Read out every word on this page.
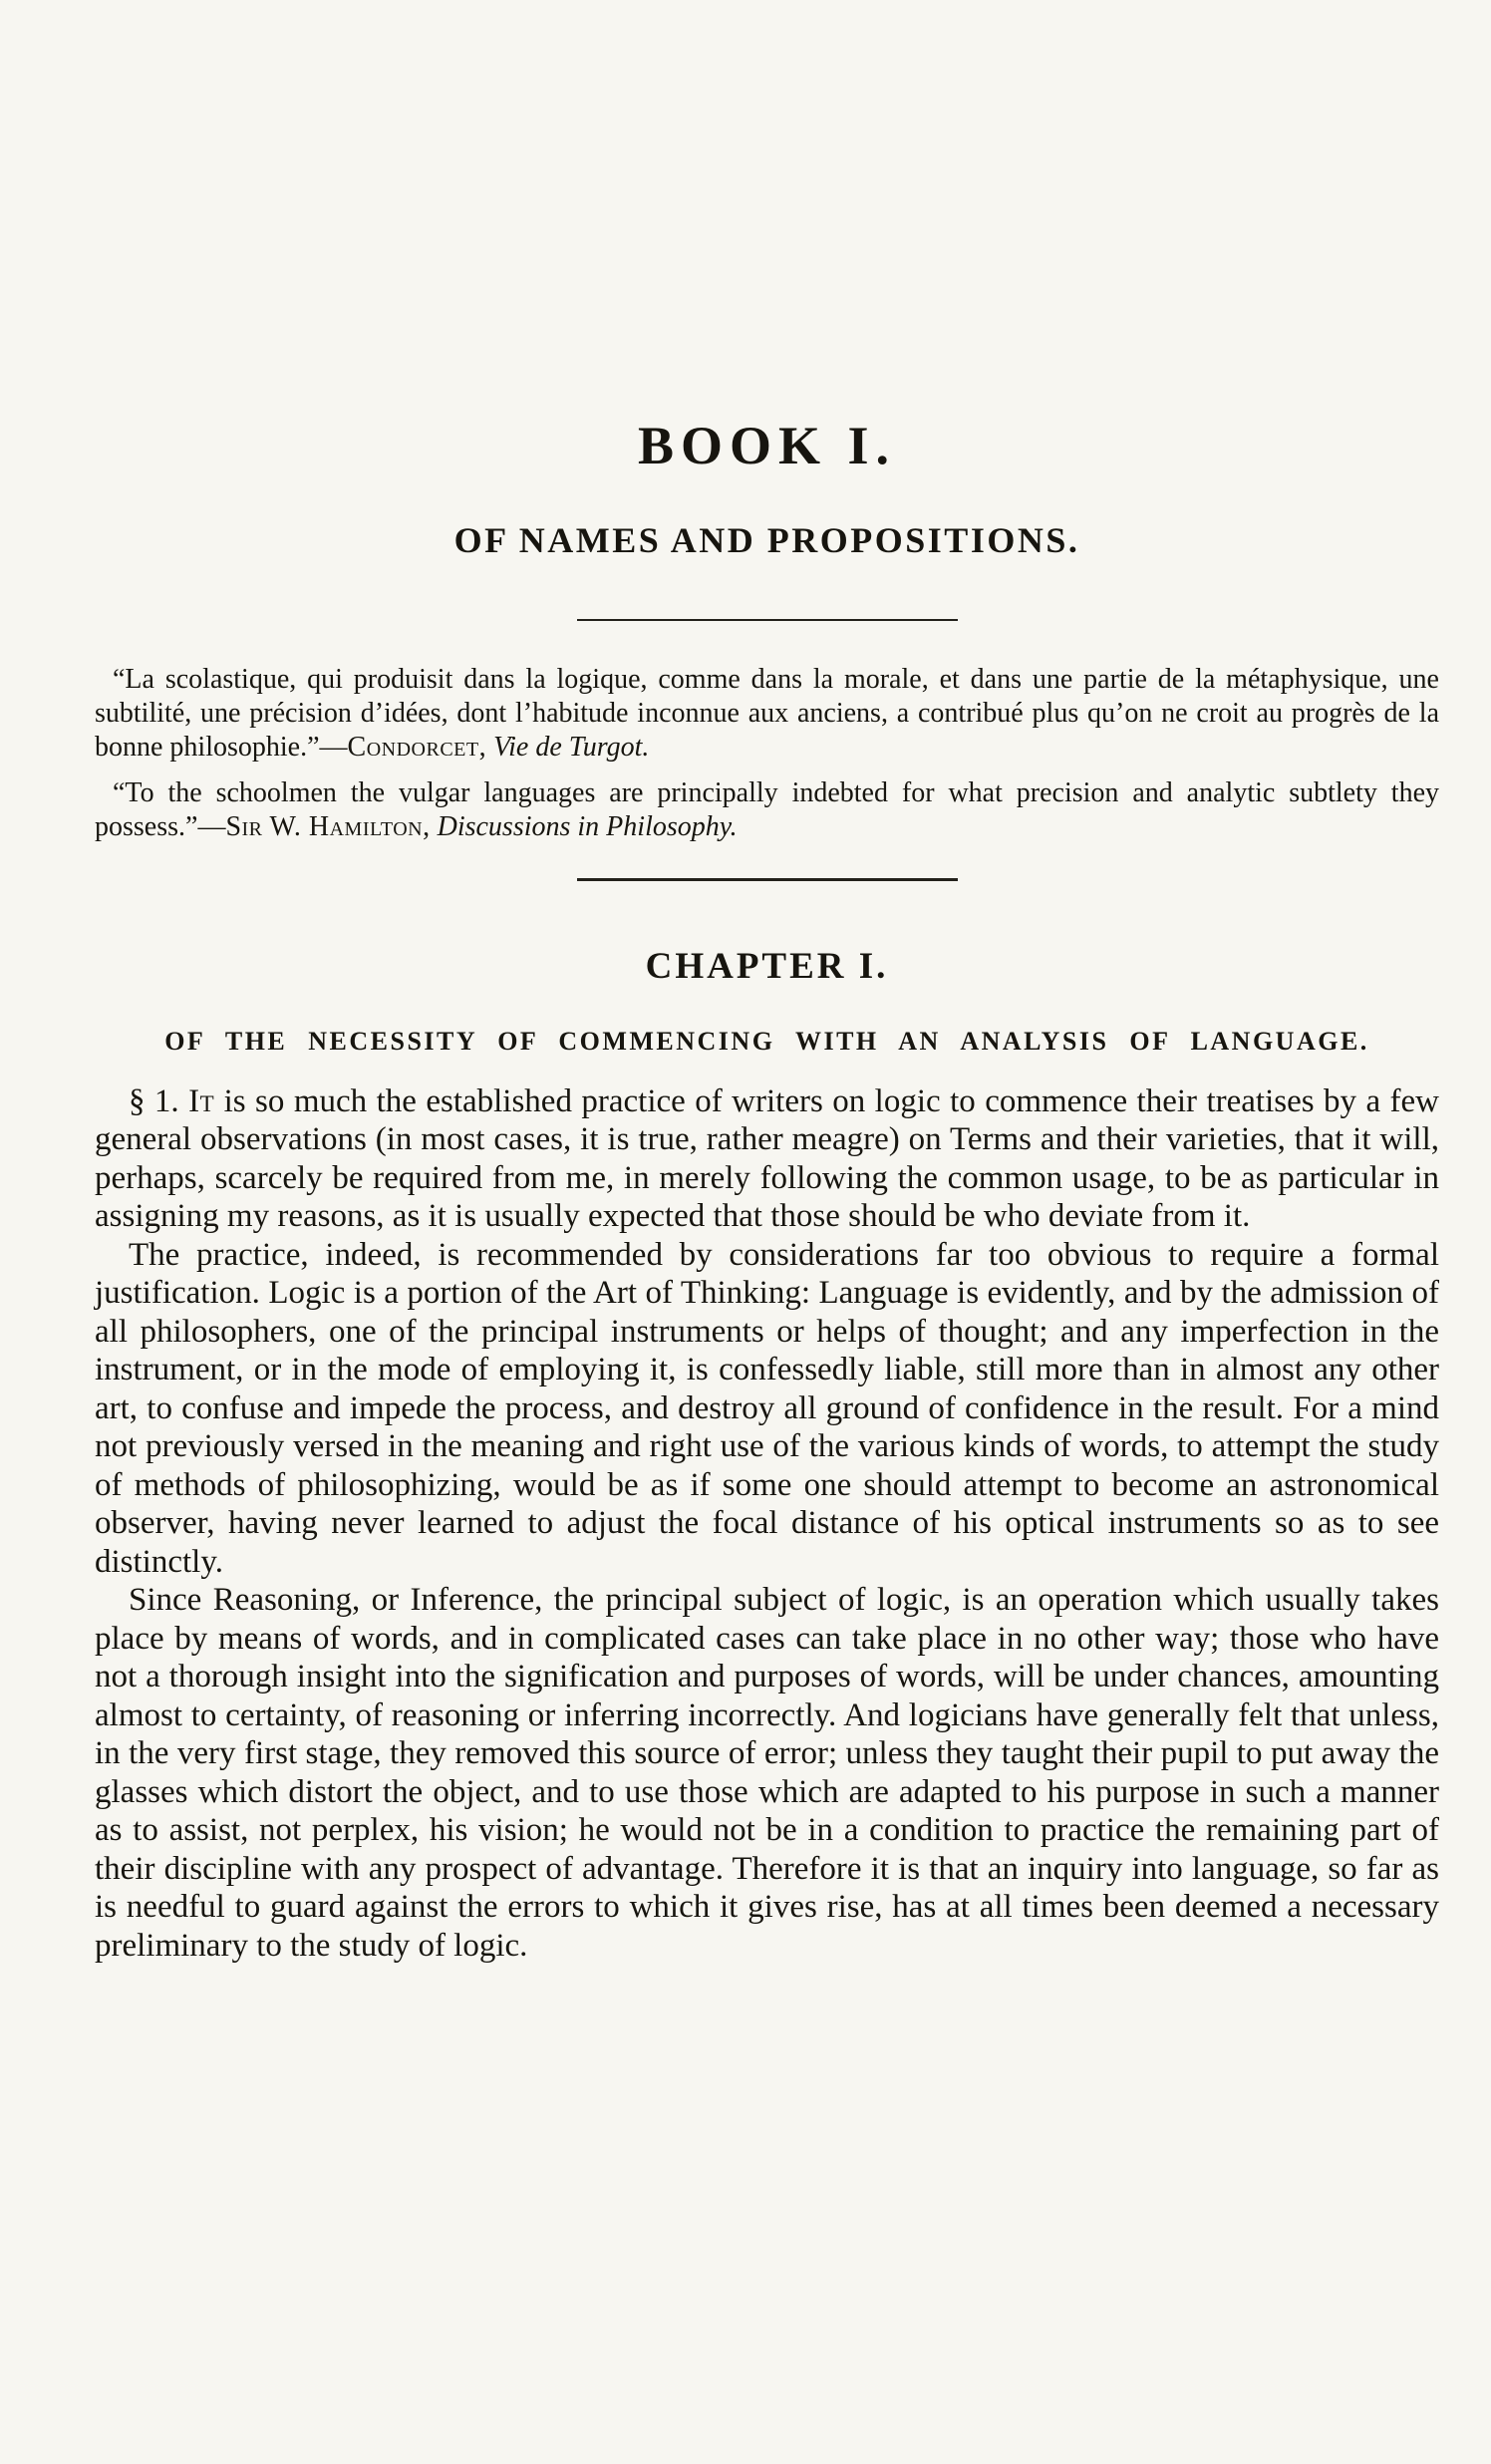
BOOK I.
OF NAMES AND PROPOSITIONS.

“La scolastique, qui produisit dans la logique, comme dans la morale, et dans une partie de la métaphysique, une subtilité, une précision d’idées, dont l’habitude inconnue aux anciens, a contribué plus qu’on ne croit au progrès de la bonne philosophie.”—Condorcet, Vie de Turgot.

“To the schoolmen the vulgar languages are principally indebted for what precision and analytic subtlety they possess.”—Sir W. Hamilton, Discussions in Philosophy.

CHAPTER I.
OF THE NECESSITY OF COMMENCING WITH AN ANALYSIS OF LANGUAGE.

§ 1. It is so much the established practice of writers on logic to commence their treatises by a few general observations (in most cases, it is true, rather meagre) on Terms and their varieties, that it will, perhaps, scarcely be required from me, in merely following the common usage, to be as particular in assigning my reasons, as it is usually expected that those should be who deviate from it.

The practice, indeed, is recommended by considerations far too obvious to require a formal justification. Logic is a portion of the Art of Thinking: Language is evidently, and by the admission of all philosophers, one of the principal instruments or helps of thought; and any imperfection in the instrument, or in the mode of employing it, is confessedly liable, still more than in almost any other art, to confuse and impede the process, and destroy all ground of confidence in the result. For a mind not previously versed in the meaning and right use of the various kinds of words, to attempt the study of methods of philosophizing, would be as if some one should attempt to become an astronomical observer, having never learned to adjust the focal distance of his optical instruments so as to see distinctly.

Since Reasoning, or Inference, the principal subject of logic, is an operation which usually takes place by means of words, and in complicated cases can take place in no other way; those who have not a thorough insight into the signification and purposes of words, will be under chances, amounting almost to certainty, of reasoning or inferring incorrectly. And logicians have generally felt that unless, in the very first stage, they removed this source of error; unless they taught their pupil to put away the glasses which distort the object, and to use those which are adapted to his purpose in such a manner as to assist, not perplex, his vision; he would not be in a condition to practice the remaining part of their discipline with any prospect of advantage. Therefore it is that an inquiry into language, so far as is needful to guard against the errors to which it gives rise, has at all times been deemed a necessary preliminary to the study of logic.
